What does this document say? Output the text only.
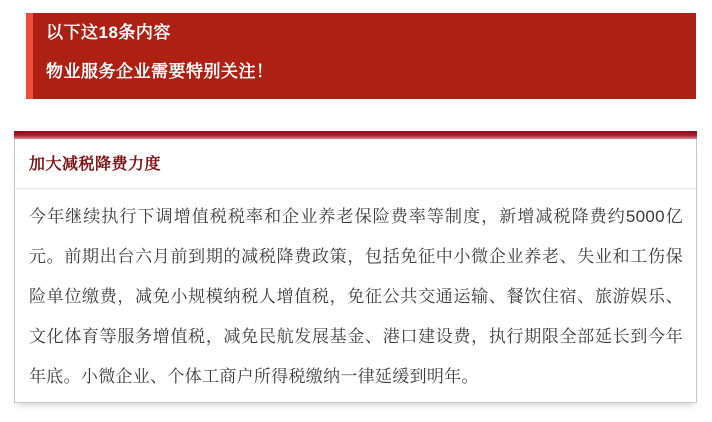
以下这18条内容
物业服务企业需要特别关注！
加大减税降费力度

今年继续执行下调增值税税率和企业养老保险费率等制度，新增减税降费约5000亿元。前期出台六月前到期的减税降费政策，包括免征中小微企业养老、失业和工伤保险单位缴费，减免小规模纳税人增值税，免征公共交通运输、餐饮住宿、旅游娱乐、文化体育等服务增值税，减免民航发展基金、港口建设费，执行期限全部延长到今年年底。小微企业、个体工商户所得税缴纳一律延缓到明年。
